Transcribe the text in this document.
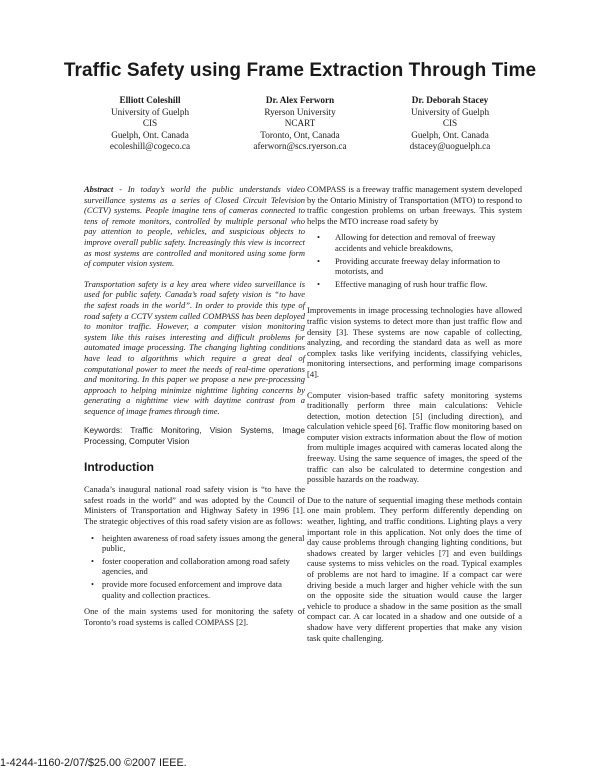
Traffic Safety using Frame Extraction Through Time
Elliott Coleshill
University of Guelph
CIS
Guelph, Ont. Canada
ecoleshill@cogeco.ca
Dr. Alex Ferworn
Ryerson University
NCART
Toronto, Ont, Canada
aferworn@scs.ryerson.ca
Dr. Deborah Stacey
University of Guelph
CIS
Guelph, Ont. Canada
dstacey@uoguelph.ca

Abstract - In today’s world the public understands video surveillance systems as a series of Closed Circuit Television (CCTV) systems. People imagine tens of cameras connected to tens of remote monitors, controlled by multiple personal who pay attention to people, vehicles, and suspicious objects to improve overall public safety. Increasingly this view is incorrect as most systems are controlled and monitored using some form of computer vision system.

Transportation safety is a key area where video surveillance is used for public safety. Canada’s road safety vision is “to have the safest roads in the world”. In order to provide this type of road safety a CCTV system called COMPASS has been deployed to monitor traffic. However, a computer vision monitoring system like this raises interesting and difficult problems for automated image processing. The changing lighting conditions have lead to algorithms which require a great deal of computational power to meet the needs of real-time operations and monitoring. In this paper we propose a new pre-processing approach to helping minimize nighttime lighting concerns by generating a nighttime view with daytime contrast from a sequence of image frames through time.

Keywords: Traffic Monitoring, Vision Systems, Image Processing, Computer Vision

Introduction

Canada’s inaugural national road safety vision is “to have the safest roads in the world” and was adopted by the Council of Ministers of Transportation and Highway Safety in 1996 [1]. The strategic objectives of this road safety vision are as follows:

• heighten awareness of road safety issues among the general public,
• foster cooperation and collaboration among road safety agencies, and
• provide more focused enforcement and improve data quality and collection practices.

One of the main systems used for monitoring the safety of Toronto’s road systems is called COMPASS [2].

COMPASS is a freeway traffic management system developed by the Ontario Ministry of Transportation (MTO) to respond to traffic congestion problems on urban freeways. This system helps the MTO increase road safety by

• Allowing for detection and removal of freeway accidents and vehicle breakdowns,
• Providing accurate freeway delay information to motorists, and
• Effective managing of rush hour traffic flow.

Improvements in image processing technologies have allowed traffic vision systems to detect more than just traffic flow and density [3]. These systems are now capable of collecting, analyzing, and recording the standard data as well as more complex tasks like verifying incidents, classifying vehicles, monitoring intersections, and performing image comparisons [4].

Computer vision-based traffic safety monitoring systems traditionally perform three main calculations: Vehicle detection, motion detection [5] (including direction), and calculation vehicle speed [6]. Traffic flow monitoring based on computer vision extracts information about the flow of motion from multiple images acquired with cameras located along the freeway. Using the same sequence of images, the speed of the traffic can also be calculated to determine congestion and possible hazards on the roadway.

Due to the nature of sequential imaging these methods contain one main problem. They perform differently depending on weather, lighting, and traffic conditions. Lighting plays a very important role in this application. Not only does the time of day cause problems through changing lighting conditions, but shadows created by larger vehicles [7] and even buildings cause systems to miss vehicles on the road. Typical examples of problems are not hard to imagine. If a compact car were driving beside a much larger and higher vehicle with the sun on the opposite side the situation would cause the larger vehicle to produce a shadow in the same position as the small compact car. A car located in a shadow and one outside of a shadow have very different properties that make any vision task quite challenging.

1-4244-1160-2/07/$25.00 ©2007 IEEE.
